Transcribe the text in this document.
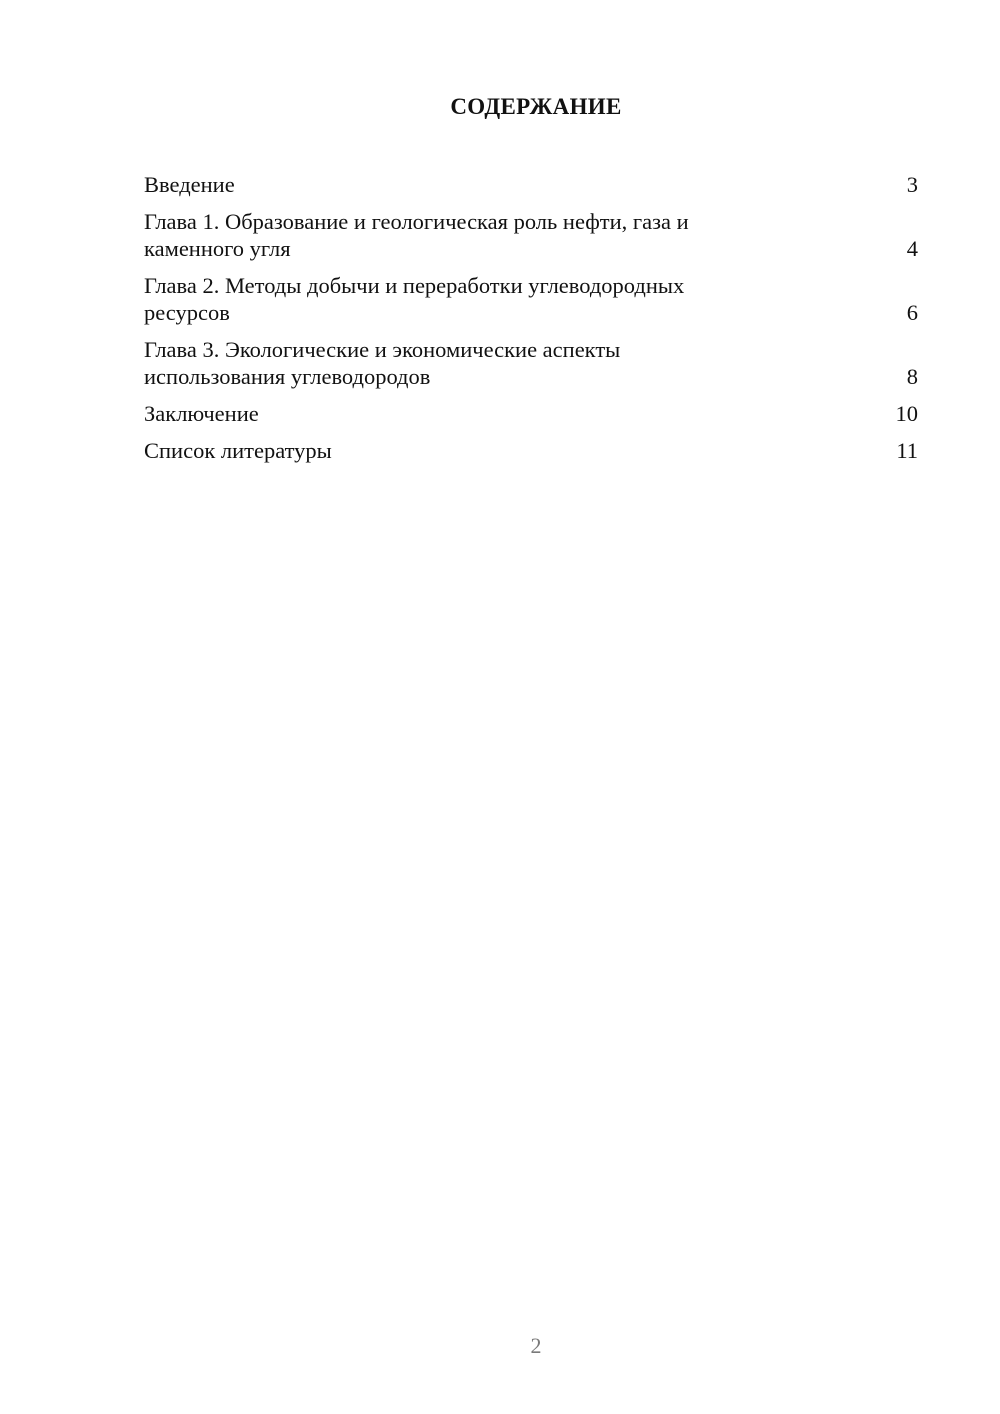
СОДЕРЖАНИЕ
Введение	3
Глава 1. Образование и геологическая роль нефти, газа и
каменного угля	4
Глава 2. Методы добычи и переработки углеводородных
ресурсов	6
Глава 3. Экологические и экономические аспекты
использования углеводородов	8
Заключение	10
Список литературы	11
2
